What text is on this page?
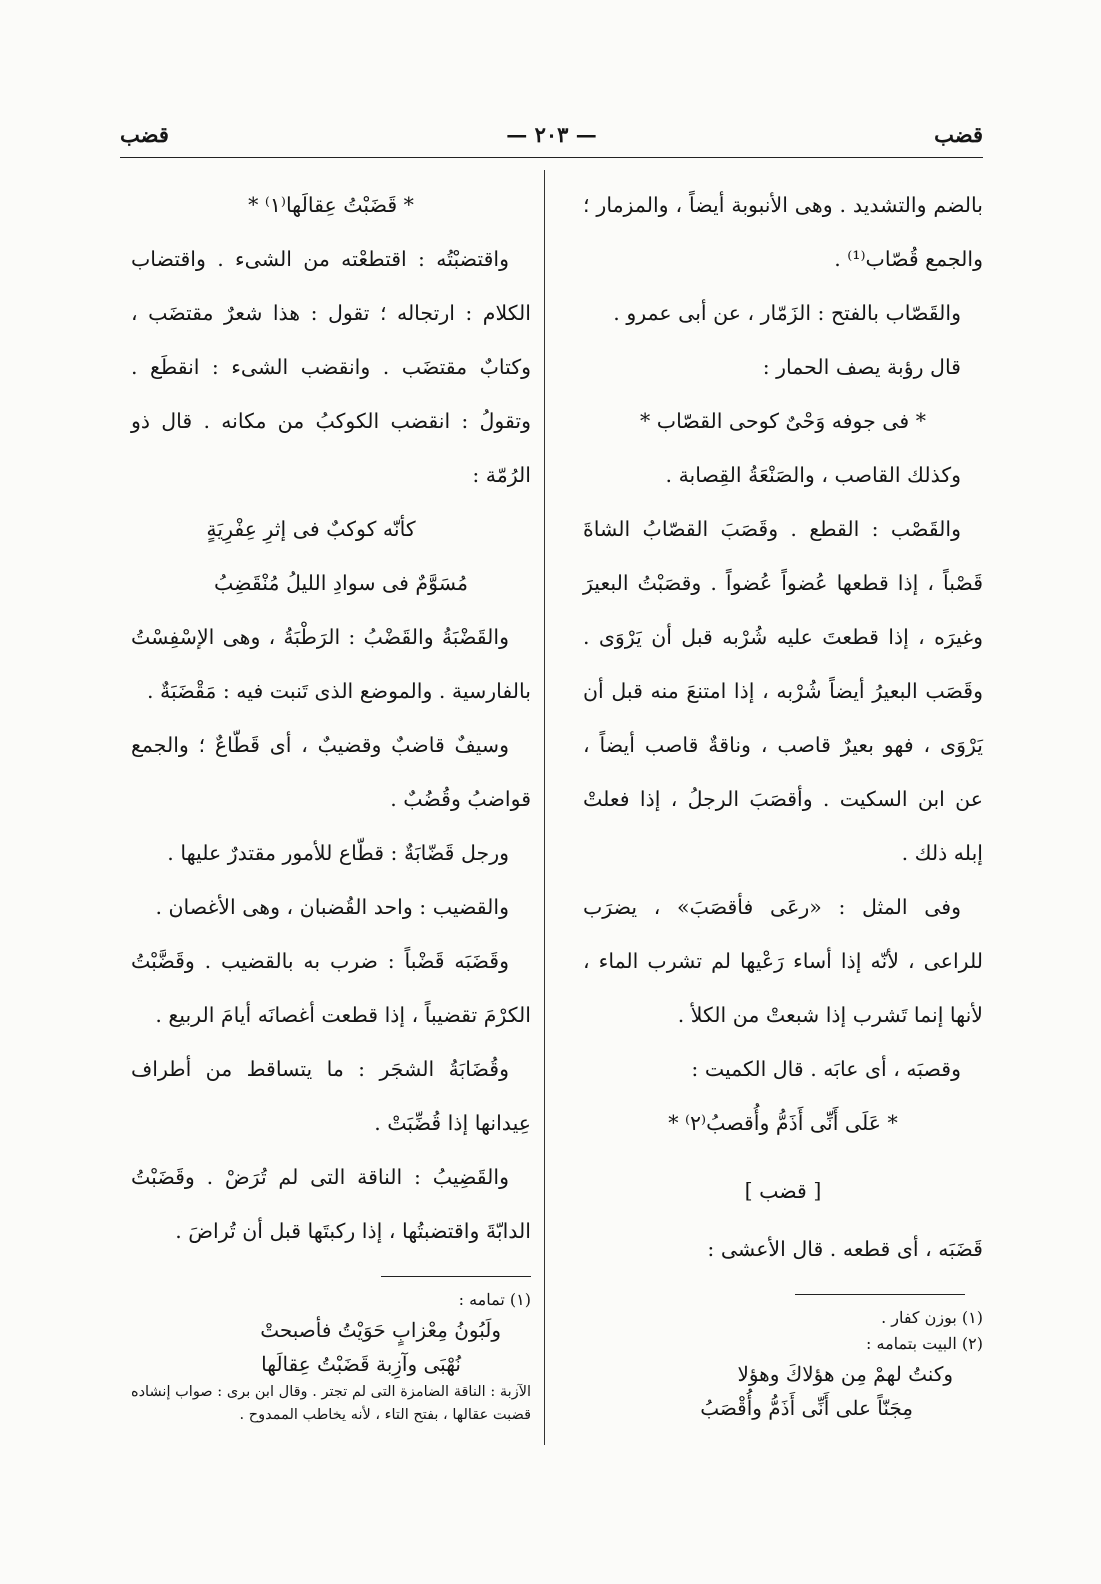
قضب
— ٢٠٣ —
قضب

بالضم والتشديد . وهى الأنبوبة أيضاً ، والمزمار ؛ والجمع قُصّاب⁽¹⁾ .

والقَصّاب بالفتح : الزَمّار ، عن أبى عمرو .

قال رؤبة يصف الحمار :

* فى جوفه وَحْىٌ كوحى القصّاب *

وكذلك القاصب ، والصَنْعَةُ القِصابة .

والقَصْب : القطع . وقَصَبَ القصّابُ الشاةَ قَصْباً ، إذا قطعها عُضواً عُضواً . وقصَبْتُ البعيرَ وغيرَه ، إذا قطعتَ عليه شُرْبه قبل أن يَرْوَى . وقَصَب البعيرُ أيضاً شُرْبه ، إذا امتنعَ منه قبل أن يَرْوَى ، فهو بعيرٌ قاصب ، وناقةٌ قاصب أيضاً ، عن ابن السكيت . وأقصَبَ الرجلُ ، إذا فعلتْ إبله ذلك .

وفى المثل : «رعَى فأقصَبَ» ، يضرَب للراعى ، لأنّه إذا أساء رَعْيها لم تشرب الماء ، لأنها إنما تَشرب إذا شبعتْ من الكلأ .

وقصبَه ، أى عابَه . قال الكميت :

* عَلَى أَنِّى أَذَمُّ وأُقصبُ⁽٢⁾ *

[ قضب ]

قَضَبَه ، أى قطعه . قال الأعشى :

(١) بوزن كفار .

(٢) البيت بتمامه :

وكنتُ لهمْ مِن هؤلاكَ وهؤلا

مِجَنّاً على أَنِّى أَذَمُّ وأُقْصَبُ

* قَضَبْتُ عِقالَها⁽١⁾ *

واقتضبْتُه : اقتطعْته من الشىء . واقتضاب الكلام : ارتجاله ؛ تقول : هذا شعرٌ مقتضَب ، وكتابٌ مقتضَب . وانقضب الشىء : انقطَع . وتقولُ : انقضب الكوكبُ من مكانه . قال ذو الرُمّة :

كأنّه كوكبٌ فى إثرِ عِفْرِيَةٍ

مُسَوَّمٌ فى سوادِ الليلُ مُنْقَضِبُ

والقَضْبَةُ والقَضْبُ : الرَطْبَةُ ، وهى الإسْفِسْتُ بالفارسية . والموضع الذى تَنبت فيه : مَقْضَبَةٌ .

وسيفٌ قاضبٌ وقضيبٌ ، أى قَطّاعٌ ؛ والجمع قواضبُ وقُضُبٌ .

ورجل قَضّابَةٌ : قطّاع للأمور مقتدرٌ عليها .

والقضيب : واحد القُضبان ، وهى الأغصان .

وقَضَبَه قَضْباً : ضرب به بالقضيب . وقَضَّبْتُ الكرْمَ تقضيباً ، إذا قطعت أغصانَه أيامَ الربيع .

وقُضَابَةُ الشجَر : ما يتساقط من أطراف عِيدانها إذا قُضِّبَتْ .

والقَضِيبُ : الناقة التى لم تُرَضْ . وقَضَبْتُ الدابّةَ واقتضبتُها ، إذا ركبتَها قبل أن تُراضَ .

(١) تمامه :

ولَبُونُ مِعْزابٍ حَوَيْتُ فأصبحتْ

نُهْبَى وآزِبة قَضَبْتُ عِقالَها

الآزبة : الناقة الضامزة التى لم تجتر . وقال ابن برى : صواب إنشاده قضبت عقالها ، بفتح التاء ، لأنه يخاطب الممدوح .
